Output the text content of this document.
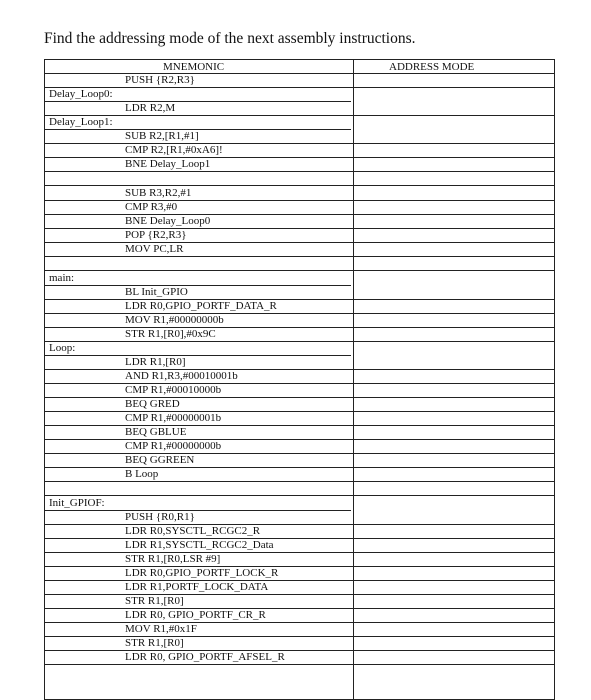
Find the addressing mode of the next assembly instructions.
MNEMONIC	ADDRESS MODE
PUSH {R2,R3}
Delay_Loop0:
LDR R2,M
Delay_Loop1:
SUB R2,[R1,#1]
CMP R2,[R1,#0xA6]!
BNE Delay_Loop1
SUB R3,R2,#1
CMP R3,#0
BNE Delay_Loop0
POP {R2,R3}
MOV PC,LR
main:
BL Init_GPIO
LDR R0,GPIO_PORTF_DATA_R
MOV R1,#00000000b
STR R1,[R0],#0x9C
Loop:
LDR R1,[R0]
AND R1,R3,#00010001b
CMP R1,#00010000b
BEQ GRED
CMP R1,#00000001b
BEQ GBLUE
CMP R1,#00000000b
BEQ GGREEN
B Loop
Init_GPIOF:
PUSH {R0,R1}
LDR R0,SYSCTL_RCGC2_R
LDR R1,SYSCTL_RCGC2_Data
STR R1,[R0,LSR #9]
LDR R0,GPIO_PORTF_LOCK_R
LDR R1,PORTF_LOCK_DATA
STR R1,[R0]
LDR R0, GPIO_PORTF_CR_R
MOV R1,#0x1F
STR R1,[R0]
LDR R0, GPIO_PORTF_AFSEL_R
